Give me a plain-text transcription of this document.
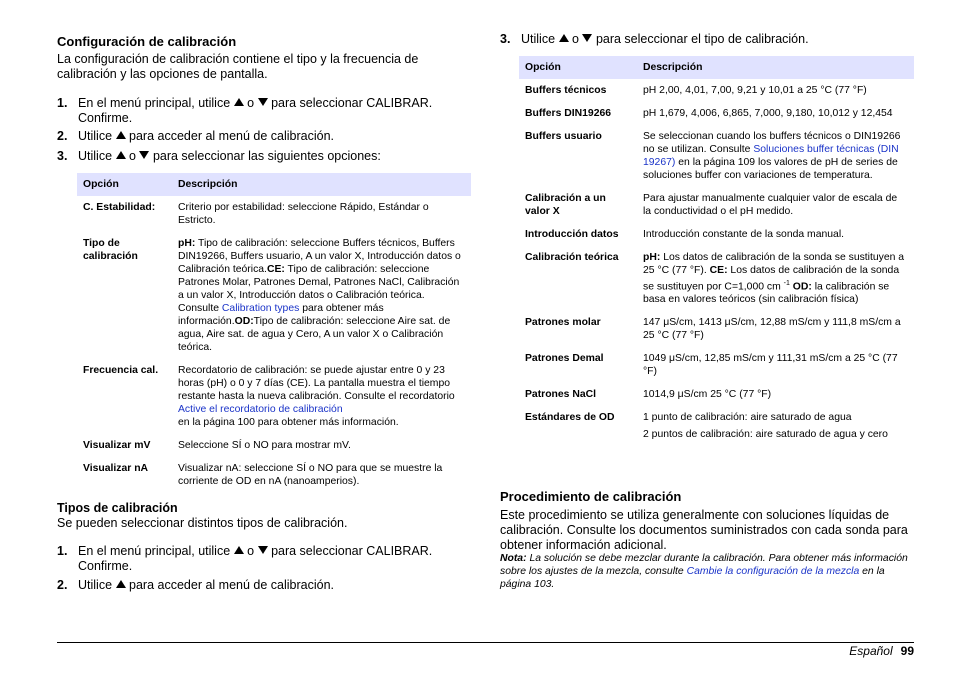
Configuración de calibración

La configuración de calibración contiene el tipo y la frecuencia de calibración y las opciones de pantalla.

1. En el menú principal, utilice o para seleccionar CALIBRAR.
Confirme.
2. Utilice para acceder al menú de calibración.
3. Utilice o para seleccionar las siguientes opciones:
Opción	Descripción
C. Estabilidad:	Criterio por estabilidad: seleccione Rápido, Estándar o Estricto.
Tipo de calibración	pH: Tipo de calibración: seleccione Buffers técnicos, Buffers DIN19266, Buffers usuario, A un valor X, Introducción datos o Calibración teórica.CE: Tipo de calibración: seleccione Patrones Molar, Patrones Demal, Patrones NaCl, Calibración a un valor X, Introducción datos o Calibración teórica. Consulte Calibration types para obtener más información.OD:Tipo de calibración: seleccione Aire sat. de agua, Aire sat. de agua y Cero, A un valor X o Calibración teórica.
Frecuencia cal.	Recordatorio de calibración: se puede ajustar entre 0 y 23 horas (pH) o 0 y 7 días (CE). La pantalla muestra el tiempo restante hasta la nueva calibración. Consulte el recordatorio Active el recordatorio de calibración
en la página 100 para obtener más información.
Visualizar mV	Seleccione SÍ o NO para mostrar mV.
Visualizar nA	Visualizar nA: seleccione SÍ o NO para que se muestre la corriente de OD en nA (nanoamperios).
Tipos de calibración

Se pueden seleccionar distintos tipos de calibración.

1. En el menú principal, utilice o para seleccionar CALIBRAR.
Confirme.
2. Utilice para acceder al menú de calibración.
3. Utilice o para seleccionar el tipo de calibración.
Opción	Descripción
Buffers técnicos	pH 2,00, 4,01, 7,00, 9,21 y 10,01 a 25 °C (77 °F)
Buffers DIN19266	pH 1,679, 4,006, 6,865, 7,000, 9,180, 10,012 y 12,454
Buffers usuario	Se seleccionan cuando los buffers técnicos o DIN19266 no se utilizan. Consulte Soluciones buffer técnicas (DIN 19267) en la página 109 los valores de pH de series de soluciones buffer con variaciones de temperatura.
Calibración a un valor X	Para ajustar manualmente cualquier valor de escala de la conductividad o el pH medido.
Introducción datos	Introducción constante de la sonda manual.
Calibración teórica	pH: Los datos de calibración de la sonda se sustituyen a 25 °C (77 °F). CE: Los datos de calibración de la sonda se sustituyen por C=1,000 cm $^{-1}$ OD: la calibración se basa en valores teóricos (sin calibración física)
Patrones molar	147 μS/cm, 1413 μS/cm, 12,88 mS/cm y 111,8 mS/cm a 25 °C (77 °F)
Patrones Demal	1049 μS/cm, 12,85 mS/cm y 111,31 mS/cm a 25 °C (77 °F)
Patrones NaCl	1014,9 μS/cm 25 °C (77 °F)
Estándares de OD	1 punto de calibración: aire saturado de agua
2 puntos de calibración: aire saturado de agua y cero
Procedimiento de calibración

Este procedimiento se utiliza generalmente con soluciones líquidas de calibración. Consulte los documentos suministrados con cada sonda para obtener información adicional.

Nota: La solución se debe mezclar durante la calibración. Para obtener más información sobre los ajustes de la mezcla, consulte Cambie la configuración de la mezcla en la página 103.

Español 99
